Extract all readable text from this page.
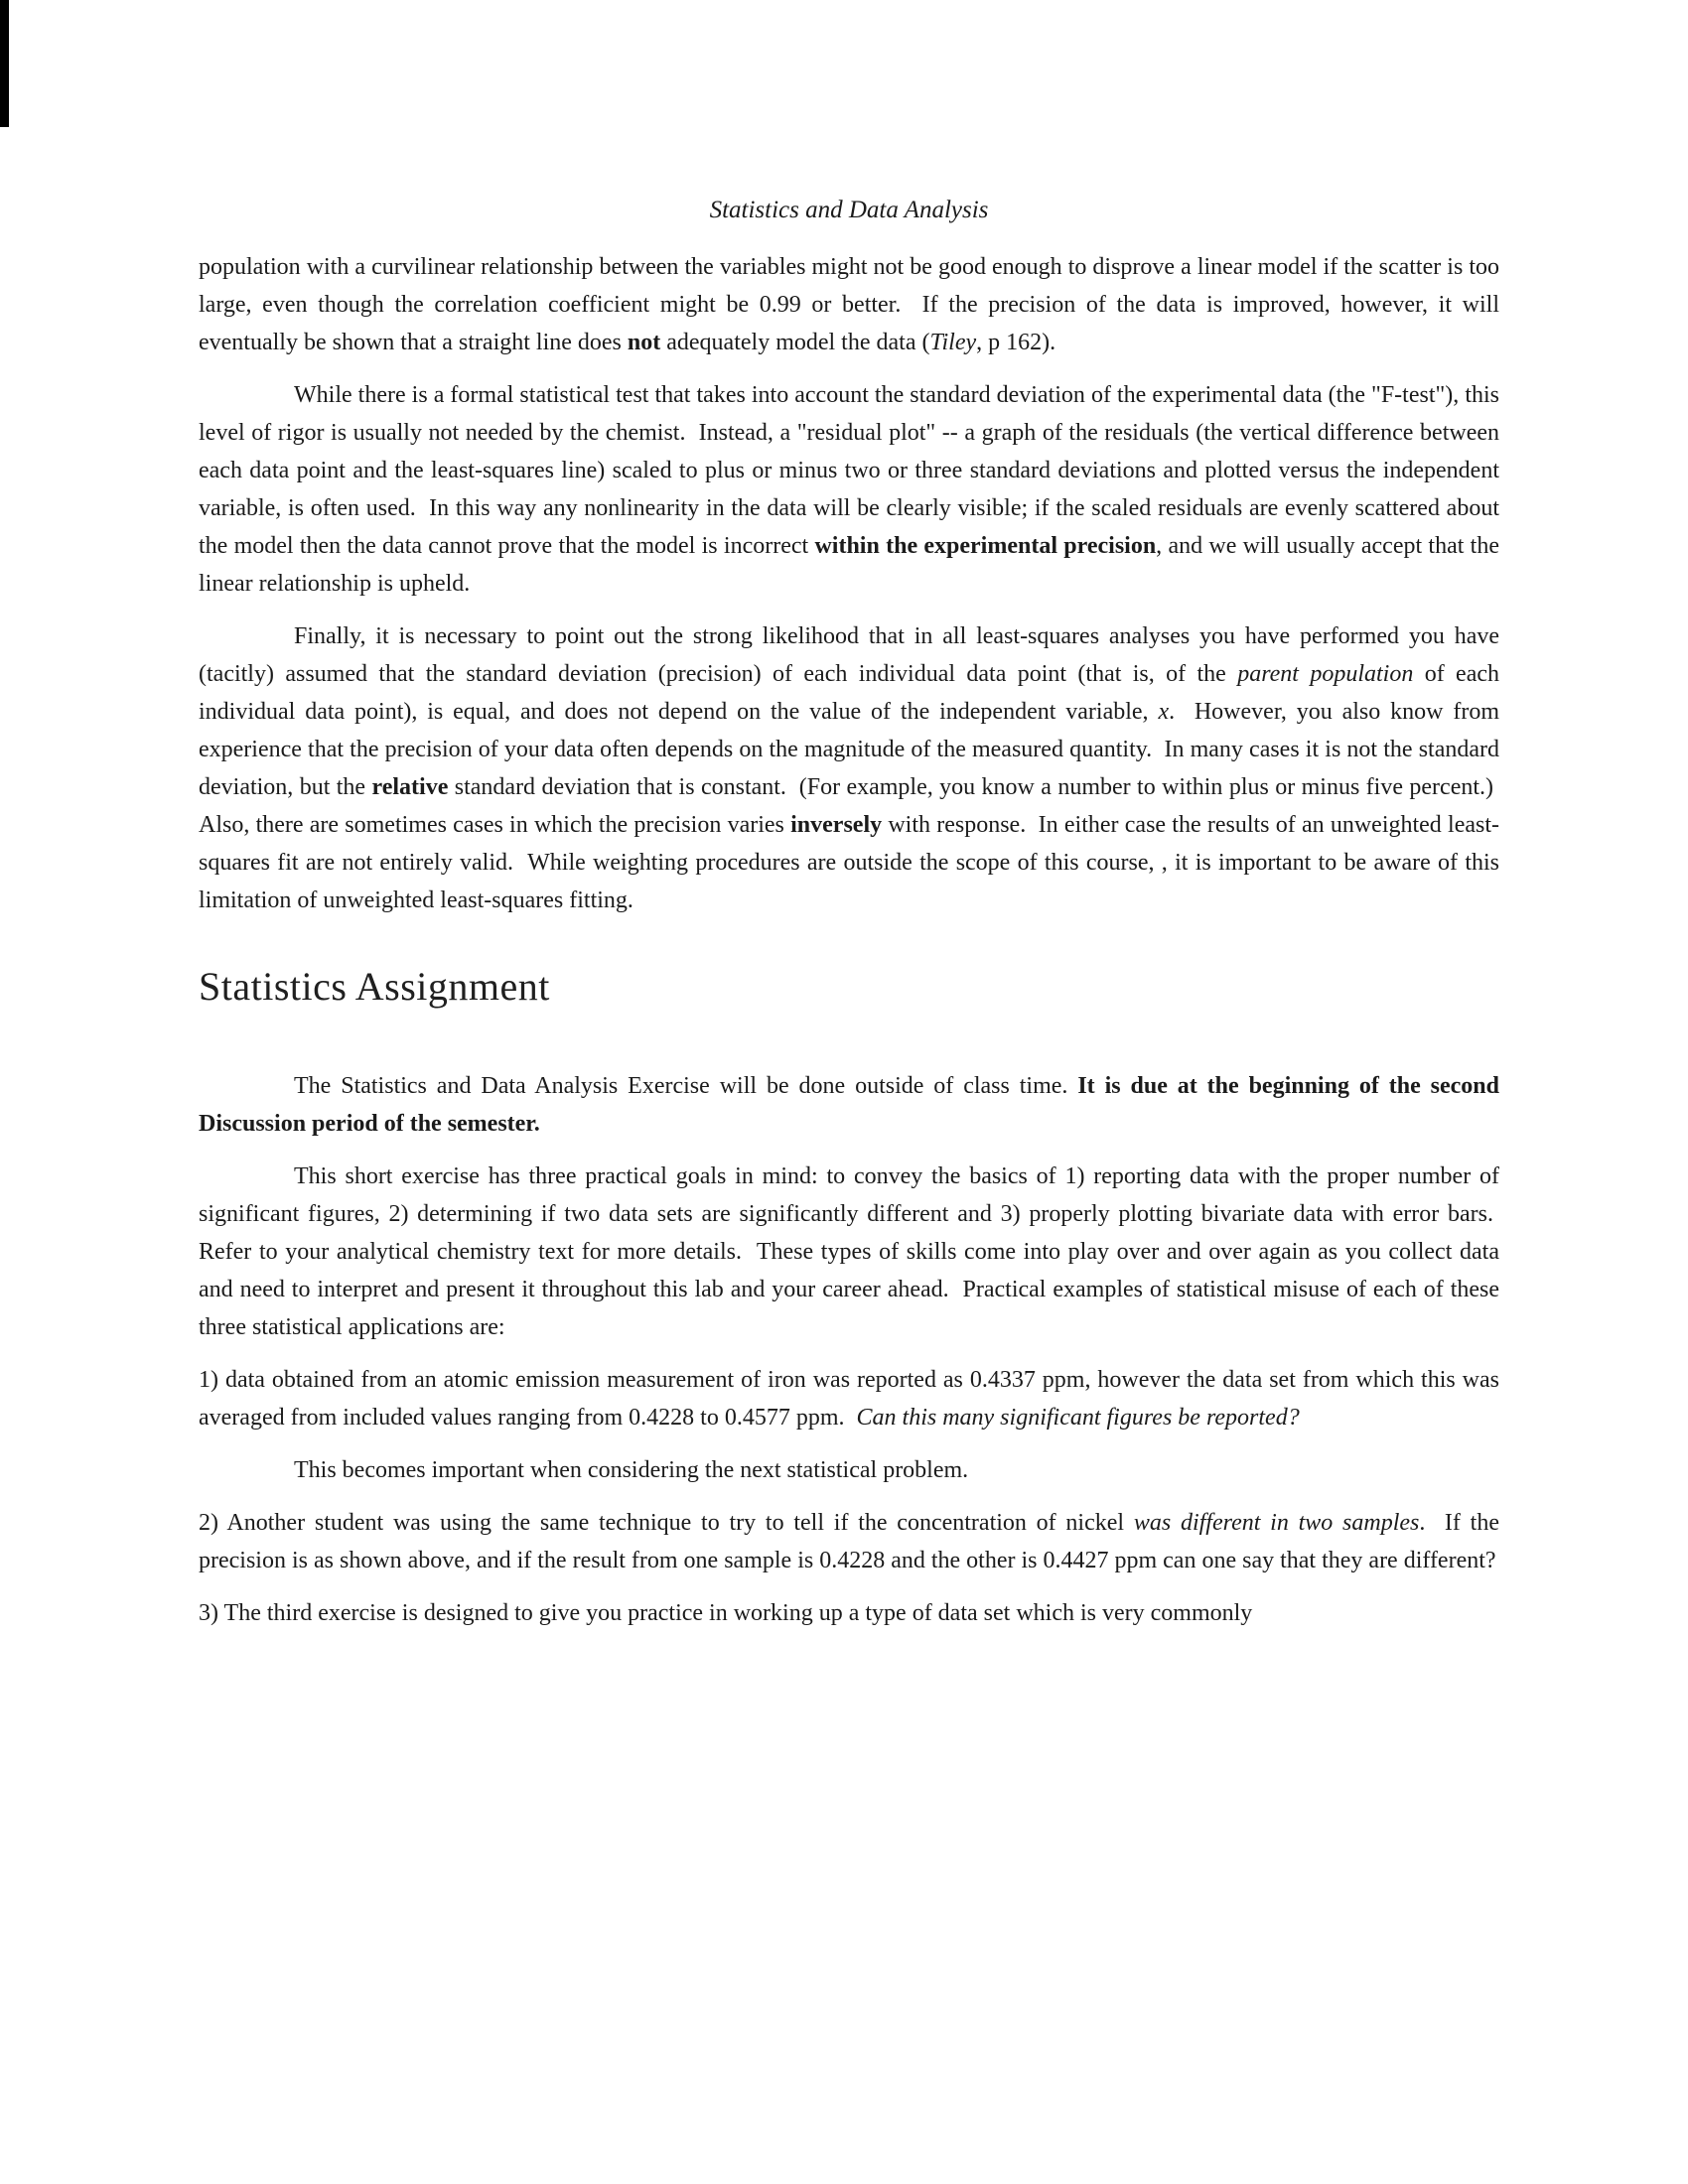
Statistics and Data Analysis

population with a curvilinear relationship between the variables might not be good enough to disprove a linear model if the scatter is too large, even though the correlation coefficient might be 0.99 or better.  If the precision of the data is improved, however, it will eventually be shown that a straight line does not adequately model the data (Tiley, p 162).

While there is a formal statistical test that takes into account the standard deviation of the experimental data (the "F-test"), this level of rigor is usually not needed by the chemist.  Instead, a "residual plot" -- a graph of the residuals (the vertical difference between each data point and the least-squares line) scaled to plus or minus two or three standard deviations and plotted versus the independent variable, is often used.  In this way any nonlinearity in the data will be clearly visible; if the scaled residuals are evenly scattered about the model then the data cannot prove that the model is incorrect within the experimental precision, and we will usually accept that the linear relationship is upheld.

Finally, it is necessary to point out the strong likelihood that in all least-squares analyses you have performed you have (tacitly) assumed that the standard deviation (precision) of each individual data point (that is, of the parent population of each individual data point), is equal, and does not depend on the value of the independent variable, x.  However, you also know from experience that the precision of your data often depends on the magnitude of the measured quantity.  In many cases it is not the standard deviation, but the relative standard deviation that is constant.  (For example, you know a number to within plus or minus five percent.)  Also, there are sometimes cases in which the precision varies inversely with response.  In either case the results of an unweighted least-squares fit are not entirely valid.  While weighting procedures are outside the scope of this course, , it is important to be aware of this limitation of unweighted least-squares fitting.

Statistics Assignment

The Statistics and Data Analysis Exercise will be done outside of class time. It is due at the beginning of the second Discussion period of the semester.

This short exercise has three practical goals in mind: to convey the basics of 1) reporting data with the proper number of significant figures, 2) determining if two data sets are significantly different and 3) properly plotting bivariate data with error bars.  Refer to your analytical chemistry text for more details.  These types of skills come into play over and over again as you collect data and need to interpret and present it throughout this lab and your career ahead.  Practical examples of statistical misuse of each of these three statistical applications are:

1) data obtained from an atomic emission measurement of iron was reported as 0.4337 ppm, however the data set from which this was averaged from included values ranging from 0.4228 to 0.4577 ppm.  Can this many significant figures be reported?

This becomes important when considering the next statistical problem.

2) Another student was using the same technique to try to tell if the concentration of nickel was different in two samples.  If the precision is as shown above, and if the result from one sample is 0.4228 and the other is 0.4427 ppm can one say that they are different?

3) The third exercise is designed to give you practice in working up a type of data set which is very commonly
